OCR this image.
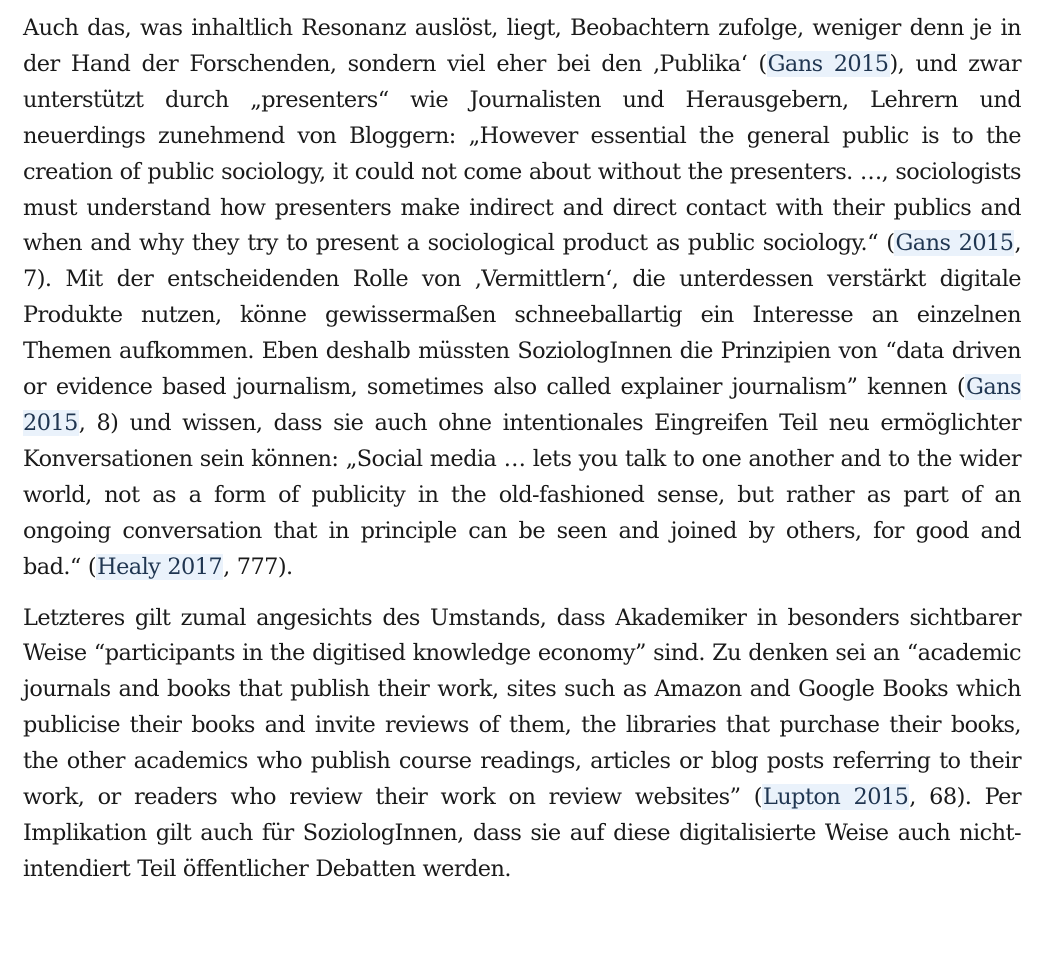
Auch das, was inhaltlich Resonanz auslöst, liegt, Beobachtern zufolge, weniger denn je in der Hand der Forschenden, sondern viel eher bei den ‚Publika‘ (Gans 2015), und zwar unterstützt durch „presenters“ wie Journalisten und Herausgebern, Lehrern und neuerdings zunehmend von Bloggern: „However essential the general public is to the creation of public sociology, it could not come about without the presenters. …, sociologists must understand how presenters make indirect and direct contact with their publics and when and why they try to present a sociological product as public sociology.“ (Gans 2015, 7). Mit der entscheidenden Rolle von ‚Vermittlern‘, die unterdessen verstärkt digitale Produkte nutzen, könne gewissermaßen schneeballartig ein Interesse an einzelnen Themen aufkommen. Eben deshalb müssten SoziologInnen die Prinzipien von “data driven or evidence based journalism, sometimes also called explainer journalism” kennen (Gans 2015, 8) und wissen, dass sie auch ohne intentionales Eingreifen Teil neu ermöglichter Konversationen sein können: „Social media … lets you talk to one another and to the wider world, not as a form of publicity in the old-fashioned sense, but rather as part of an ongoing conversation that in principle can be seen and joined by others, for good and bad.“ (Healy 2017, 777).

Letzteres gilt zumal angesichts des Umstands, dass Akademiker in besonders sichtbarer Weise “participants in the digitised knowledge economy” sind. Zu denken sei an “academic journals and books that publish their work, sites such as Amazon and Google Books which publicise their books and invite reviews of them, the libraries that purchase their books, the other academics who publish course readings, articles or blog posts referring to their work, or readers who review their work on review websites” (Lupton 2015, 68). Per Implikation gilt auch für SoziologInnen, dass sie auf diese digitalisierte Weise auch nicht-intendiert Teil öffentlicher Debatten werden.
